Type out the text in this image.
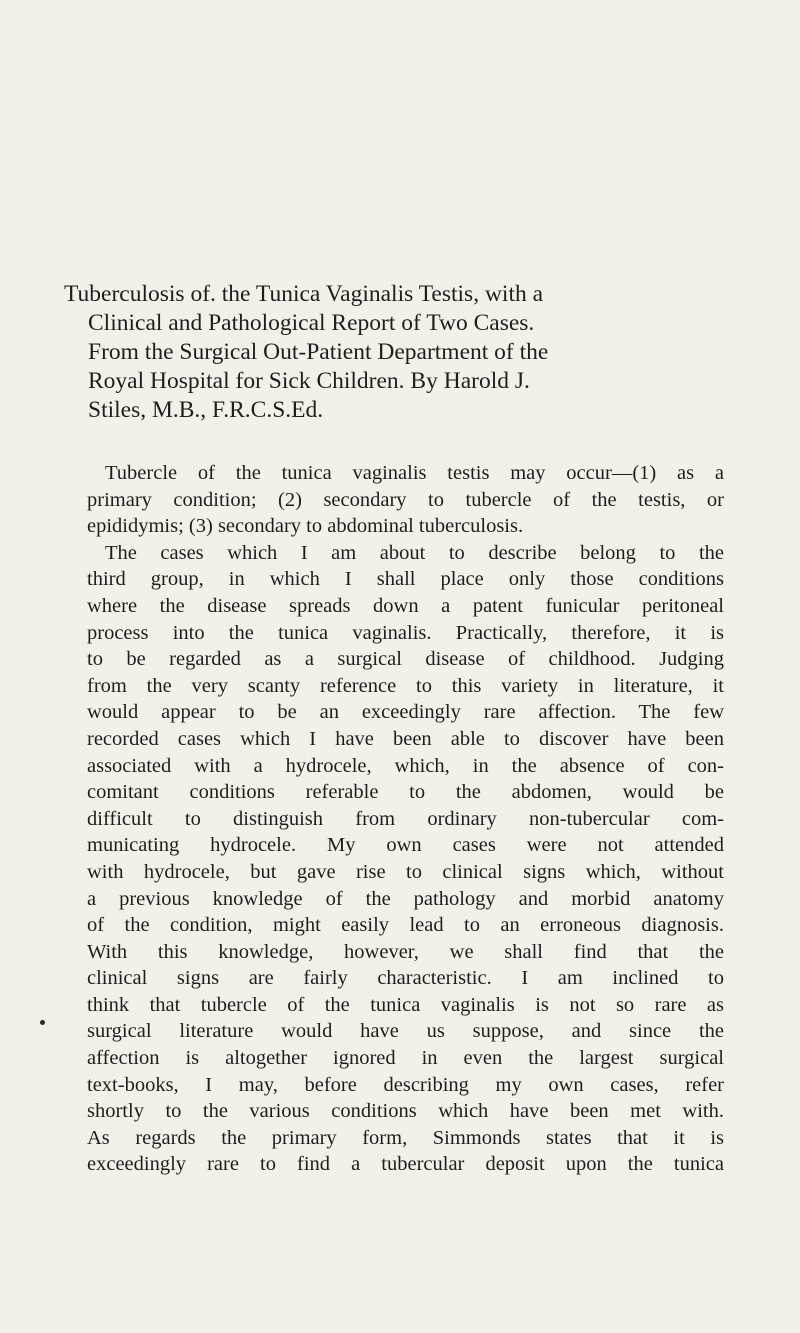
Tuberculosis of. the Tunica Vaginalis Testis, with a
Clinical and Pathological Report of Two Cases.
From the Surgical Out-Patient Department of the
Royal Hospital for Sick Children. By Harold J.
Stiles, M.B., F.R.C.S.Ed.
Tubercle of the tunica vaginalis testis may occur—(1) as a
primary condition; (2) secondary to tubercle of the testis, or
epididymis; (3) secondary to abdominal tuberculosis.
The cases which I am about to describe belong to the
third group, in which I shall place only those conditions
where the disease spreads down a patent funicular peritoneal
process into the tunica vaginalis. Practically, therefore, it is
to be regarded as a surgical disease of childhood. Judging
from the very scanty reference to this variety in literature, it
would appear to be an exceedingly rare affection. The few
recorded cases which I have been able to discover have been
associated with a hydrocele, which, in the absence of con-
comitant conditions referable to the abdomen, would be
difficult to distinguish from ordinary non-tubercular com-
municating hydrocele. My own cases were not attended
with hydrocele, but gave rise to clinical signs which, without
a previous knowledge of the pathology and morbid anatomy
of the condition, might easily lead to an erroneous diagnosis.
With this knowledge, however, we shall find that the
clinical signs are fairly characteristic. I am inclined to
think that tubercle of the tunica vaginalis is not so rare as
surgical literature would have us suppose, and since the
affection is altogether ignored in even the largest surgical
text-books, I may, before describing my own cases, refer
shortly to the various conditions which have been met with.
As regards the primary form, Simmonds states that it is
exceedingly rare to find a tubercular deposit upon the tunica
